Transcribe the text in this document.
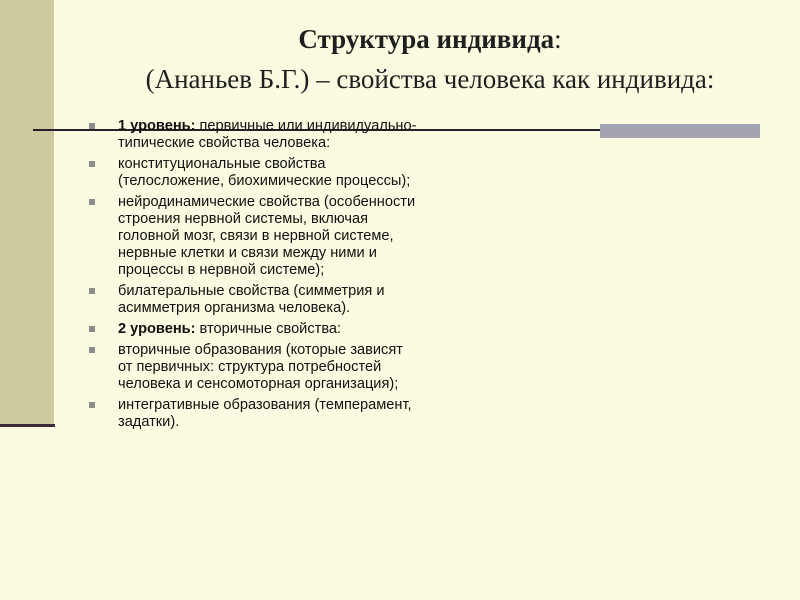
Структура индивида:
(Ананьев Б.Г.) – свойства человека как индивида:
1 уровень: первичные или индивидуально-типические свойства человека:
конституциональные свойства (телосложение, биохимические процессы);
нейродинамические свойства (особенности строения нервной системы, включая головной мозг, связи в нервной системе, нервные клетки и связи между ними и процессы в нервной системе);
билатеральные свойства (симметрия и асимметрия организма человека).
2 уровень: вторичные свойства:
вторичные образования (которые зависят от первичных: структура потребностей человека и сенсомоторная организация);
интегративные образования (темперамент, задатки).
